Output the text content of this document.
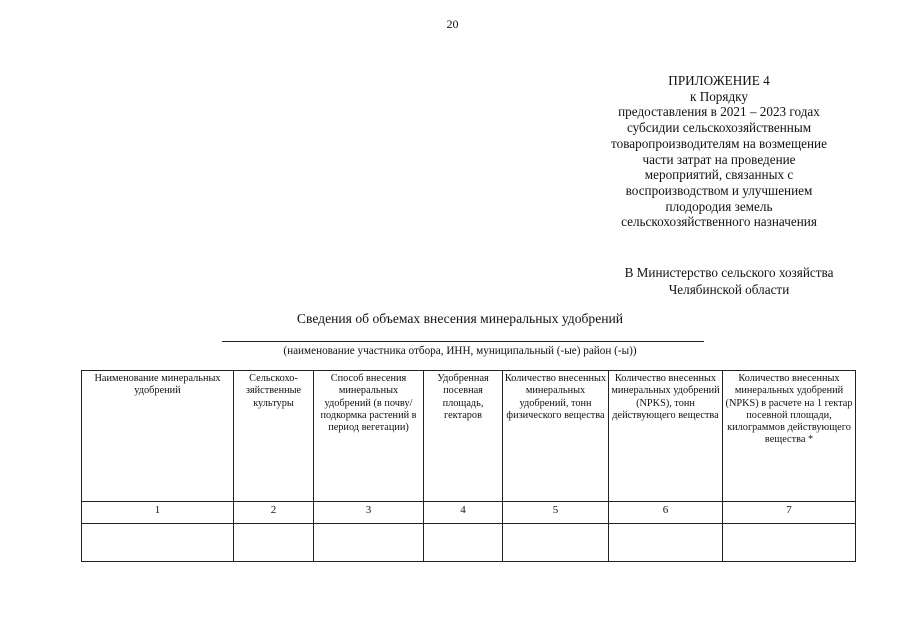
20
ПРИЛОЖЕНИЕ 4
к Порядку
предоставления в 2021 – 2023 годах
субсидии сельскохозяйственным
товаропроизводителям на возмещение
части затрат на проведение
мероприятий, связанных с
воспроизводством и улучшением
плодородия земель
сельскохозяйственного назначения
В Министерство сельского хозяйства
Челябинской области
Сведения об объемах внесения минеральных удобрений
(наименование участника отбора, ИНН, муниципальный (-ые) район (-ы))
Наименование минеральных удобрений	Сельскохо-зяйственные культуры	Способ внесения минеральных удобрений (в почву/подкормка растений в период вегетации)	Удобренная посевная площадь, гектаров	Количество внесенных минеральных удобрений, тонн физического вещества	Количество внесенных минеральных удобрений (NPKS), тонн действующего вещества	Количество внесенных минеральных удобрений (NPKS) в расчете на 1 гектар посевной площади, килограммов действующего вещества *
1	2	3	4	5	6	7
